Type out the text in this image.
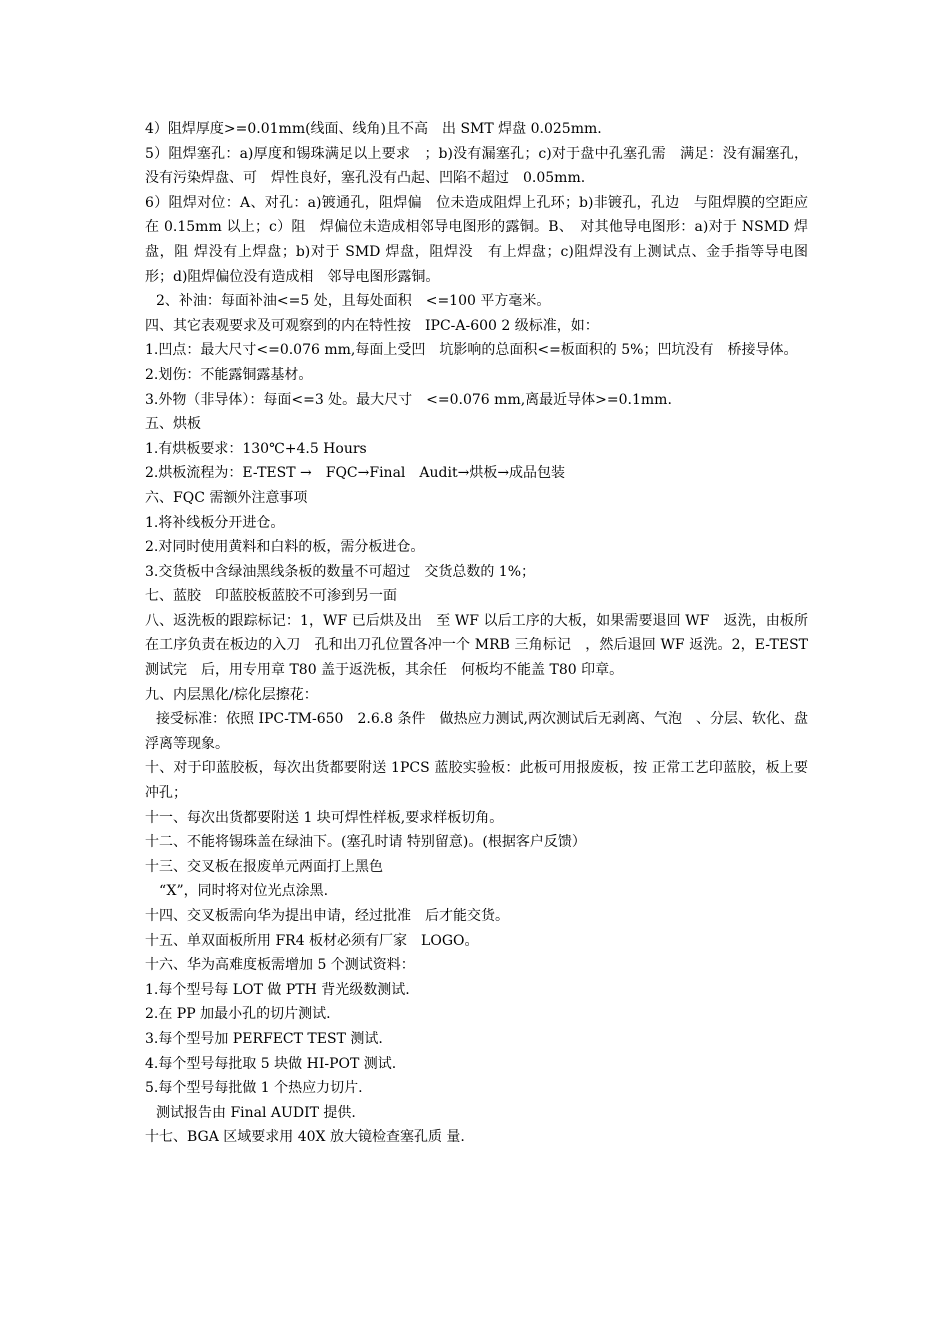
4）阻焊厚度>=0.01mm(线面、线角)且不高　出 SMT 焊盘 0.025mm.

5）阻焊塞孔：a)厚度和锡珠满足以上要求　；b)没有漏塞孔；c)对于盘中孔塞孔需　满足：没有漏塞孔，没有污染焊盘、可　焊性良好，塞孔没有凸起、凹陷不超过　0.05mm.

6）阻焊对位：A、对孔：a)镀通孔，阻焊偏　位未造成阻焊上孔环；b)非镀孔，孔边　与阻焊膜的空距应在 0.15mm 以上；c）阻　焊偏位未造成相邻导电图形的露铜。B、　对其他导电图形：a)对于 NSMD 焊盘，阻 焊没有上焊盘；b)对于 SMD 焊盘，阻焊没　有上焊盘；c)阻焊没有上测试点、金手指等导电图形；d)阻焊偏位没有造成相　邻导电图形露铜。

2、补油：每面补油<=5 处，且每处面积　<=100 平方毫米。

四、其它表观要求及可观察到的内在特性按　IPC-A-600 2 级标准，如：

1.凹点：最大尺寸<=0.076 mm,每面上受凹　坑影响的总面积<=板面积的 5%；凹坑没有　桥接导体。

2.划伤：不能露铜露基材。

3.外物（非导体）：每面<=3 处。最大尺寸　<=0.076 mm,离最近导体>=0.1mm.

五、烘板

1.有烘板要求：130℃+4.5 Hours

2.烘板流程为：E-TEST →　FQC→Final　Audit→烘板→成品包装

六、FQC 需额外注意事项

1.将补线板分开进仓。

2.对同时使用黄料和白料的板，需分板进仓。

3.交货板中含绿油黑线条板的数量不可超过　交货总数的 1%；

七、蓝胶　印蓝胶板蓝胶不可渗到另一面

八、返洗板的跟踪标记：1，WF 已后烘及出　至 WF 以后工序的大板，如果需要退回 WF　返洗，由板所在工序负责在板边的入刀　孔和出刀孔位置各冲一个 MRB 三角标记　，然后退回 WF 返洗。2，E-TEST 测试完　后，用专用章 T80 盖于返洗板，其余任　何板均不能盖 T80 印章。

九、内层黑化/棕化层擦花：

接受标准：依照 IPC-TM-650　2.6.8 条件　做热应力测试,两次测试后无剥离、气泡　、分层、软化、盘浮离等现象。

十、对于印蓝胶板，每次出货都要附送 1PCS 蓝胶实验板：此板可用报废板，按 正常工艺印蓝胶，板上要冲孔；

十一、每次出货都要附送 1 块可焊性样板,要求样板切角。

十二、不能将锡珠盖在绿油下。(塞孔时请 特别留意)。(根据客户反馈）

十三、交叉板在报废单元两面打上黑色

“X”，同时将对位光点涂黑.

十四、交叉板需向华为提出申请，经过批准　后才能交货。

十五、单双面板所用 FR4 板材必须有厂家　LOGO。

十六、华为高难度板需增加 5 个测试资料：

1.每个型号每 LOT 做 PTH 背光级数测试.

2.在 PP 加最小孔的切片测试.

3.每个型号加 PERFECT TEST 测试.

4.每个型号每批取 5 块做 HI-POT 测试.

5.每个型号每批做 1 个热应力切片.

测试报告由 Final AUDIT 提供.

十七、BGA 区域要求用 40X 放大镜检查塞孔质 量.
